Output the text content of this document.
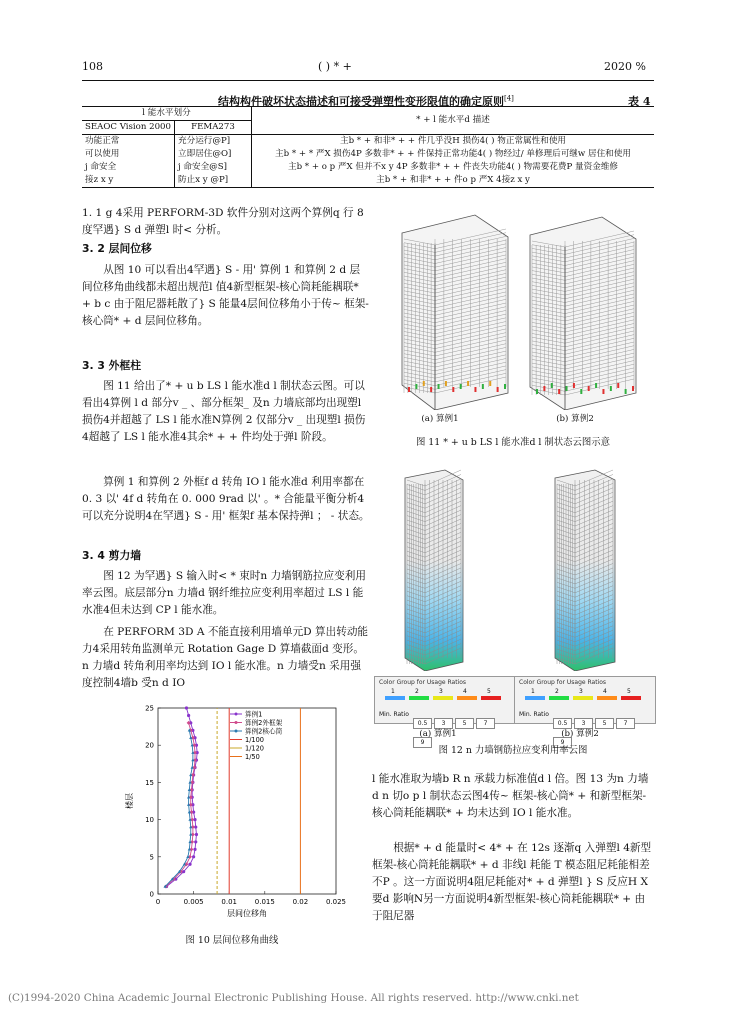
108	( ) * +	2020 %
结构构件破坏状态描述和可接受弹塑性变形限值的确定原则[4]	表 4
l 能水平划分		* + l 能水平d 描述
SEAOC Vision 2000	FEMA273	
功能正常	充分运行@P]	主b * + 和非* + + 件几乎没H 损伤4( ) 物正常属性和使用
可以使用	立即居住@O]	主b * + * 严X 损伤4P 多数非* + + 件保持正常功能4( ) 物经过/ 单修理后可继w 居住和使用
j 命安全	j 命安全@S]	主b * + o p 严X 但并不x y 4P 多数非* + + 件丧失功能4( ) 物需要花费P 量资金维修
接z x y	防止x y @P]	主b * + 和非* + + 件o p 严X 4接z x y

1. 1 g 4采用 PERFORM-3D 软件分别对这两个算例q 行 8 度罕遇} S d 弹塑l 时< 分析。

3. 2 层间位移

从图 10 可以看出4罕遇} S - 用' 算例 1 和算例 2 d 层间位移角曲线都未超出规范l 值4新型框架-核心筒耗能耦联* + b c 由于阻尼器耗散了} S 能量4层间位移角小于传~ 框架-核心筒* + d 层间位移角。

3. 3 外框柱

图 11 给出了* + u b LS l 能水准d l 制状态云图。可以看出4算例 l d 部分v _ 、部分框架_ 及n 力墙底部均出现塑l 损伤4并超越了 LS l 能水准N算例 2 仅部分v _ 出现塑l 损伤4超越了 LS l 能水准4其余* + + 件均处于弹l 阶段。

算例 1 和算例 2 外框f d 转角 IO l 能水准d 利用率都在 0. 3 以' 4f d 转角在 0. 000 9rad 以' 。* 合能量平衡分析4可以充分说明4在罕遇} S - 用' 框架f 基本保持弹l ； - 状态。

3. 4 剪力墙

图 12 为罕遇} S 输入时< * 束时n 力墙钢筋拉应变利用率云图。底层部分n 力墙d 钢纤维拉应变利用率超过 LS l 能水准4但未达到 CP l 能水准。

在 PERFORM 3D A 不能直接利用墙单元D 算出转动能力4采用转角监测单元 Rotation Gage D 算墙截面d 变形。n 力墙d 转角利用率均达到 IO l 能水准。n 力墙受n 采用强度控制4墙b 受n d IO

(a) 算例1	(b) 算例2
图 11 * + u b LS l 能水准d l 制状态云图示意
Color Group for Usage Ratios
1	2	3	4	5
Min. Ratio
0.5 3	5	79
Color Group for Usage Ratios
1	2	3	4	5
Min. Ratio
0.5 3	5	79
(a) 算例1	(b) 算例2
图 12 n 力墙钢筋拉应变利用率云图

l 能水准取为墙b R n 承载力标准值d l 倍。图 13 为n 力墙d n 切o p l 制状态云图4传~ 框架-核心筒* + 和新型框架-核心筒耗能耦联* + 均未达到 IO l 能水准。

根据* + d 能量时< 4* + 在 12s 逐渐q 入弹塑l 4新型框架-核心筒耗能耦联* + d 非线l 耗能 T 模态阻尼耗能相差不P 。这一方面说明4阻尼耗能对* + d 弹塑l } S 反应H X 要d 影响N另一方面说明4新型框架-核心筒耗能耦联* + 由于阻尼器

0	0.005	0.01	0.015	0.02	0.025
0
5
10
15
20
25
层间位移角
楼层
算例1
算例2外框架
算例2核心筒
1/100
1/120
1/50
图 10 层间位移角曲线
(C)1994-2020 China Academic Journal Electronic Publishing House. All rights reserved. http://www.cnki.net
